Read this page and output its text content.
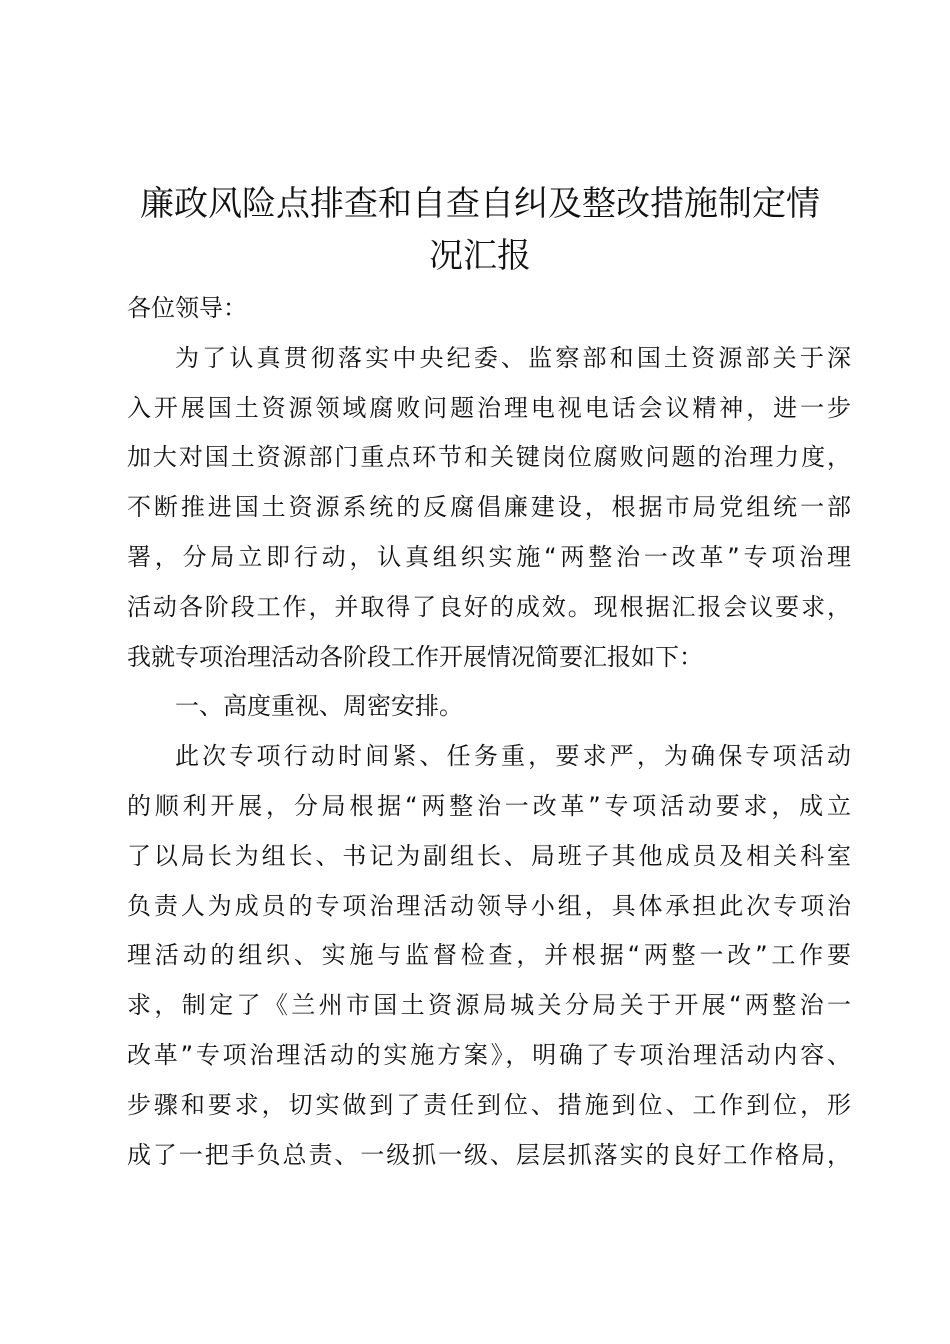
廉政风险点排查和自查自纠及整改措施制定情
况汇报

各位领导：

为了认真贯彻落实中央纪委、监察部和国土资源部关于深
入开展国土资源领域腐败问题治理电视电话会议精神，进一步
加大对国土资源部门重点环节和关键岗位腐败问题的治理力度，
不断推进国土资源系统的反腐倡廉建设，根据市局党组统一部
署，分局立即行动，认真组织实施“两整治一改革”专项治理
活动各阶段工作，并取得了良好的成效。现根据汇报会议要求，
我就专项治理活动各阶段工作开展情况简要汇报如下：

一、高度重视、周密安排。

此次专项行动时间紧、任务重，要求严，为确保专项活动
的顺利开展，分局根据“两整治一改革”专项活动要求，成立
了以局长为组长、书记为副组长、局班子其他成员及相关科室
负责人为成员的专项治理活动领导小组，具体承担此次专项治
理活动的组织、实施与监督检查，并根据“两整一改”工作要
求，制定了《兰州市国土资源局城关分局关于开展“两整治一
改革”专项治理活动的实施方案》，明确了专项治理活动内容、
步骤和要求，切实做到了责任到位、措施到位、工作到位，形
成了一把手负总责、一级抓一级、层层抓落实的良好工作格局，
